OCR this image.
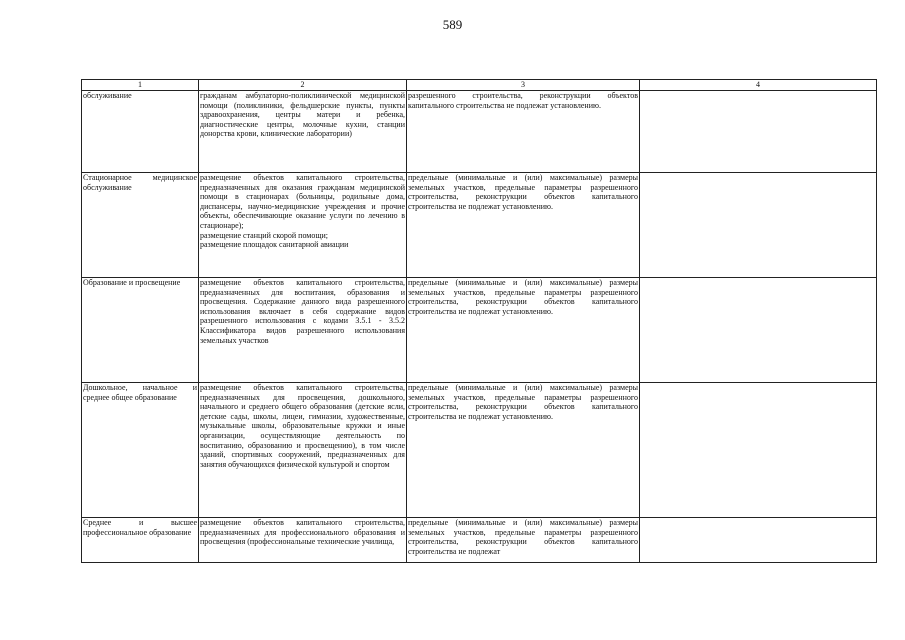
589
1	2	3	4

обслуживание	гражданам амбулаторно-поликлинической медицинской помощи (поликлиники, фельдшерские пункты, пункты здравоохранения, центры матери и ребенка, диагностические центры, молочные кухни, станции донорства крови, клинические лаборатории)	разрешенного строительства, реконструкции объектов капитального строительства не подлежат установлению.	

Стационарное медицинское обслуживание	размещение объектов капитального строительства, предназначенных для оказания гражданам медицинской помощи в стационарах (больницы, родильные дома, диспансеры, научно-медицинские учреждения и прочие объекты, обеспечивающие оказание услуги по лечению в стационаре);
размещение станций скорой помощи;
размещение площадок санитарной авиации	предельные (минимальные и (или) максимальные) размеры земельных участков, предельные параметры разрешенного строительства, реконструкции объектов капитального строительства не подлежат установлению.	

Образование и просвещение	размещение объектов капитального строительства, предназначенных для воспитания, образования и просвещения. Содержание данного вида разрешенного использования включает в себя содержание видов разрешенного использования с кодами 3.5.1 - 3.5.2 Классификатора видов разрешенного использования земельных участков	предельные (минимальные и (или) максимальные) размеры земельных участков, предельные параметры разрешенного строительства, реконструкции объектов капитального строительства не подлежат установлению.	

Дошкольное, начальное и среднее общее образование	размещение объектов капитального строительства, предназначенных для просвещения, дошкольного, начального и среднего общего образования (детские ясли, детские сады, школы, лицеи, гимназии, художественные, музыкальные школы, образовательные кружки и иные организации, осуществляющие деятельность по воспитанию, образованию и просвещению), в том числе зданий, спортивных сооружений, предназначенных для занятия обучающихся физической культурой и спортом	предельные (минимальные и (или) максимальные) размеры земельных участков, предельные параметры разрешенного строительства, реконструкции объектов капитального строительства не подлежат установлению.	

Среднее и высшее профессиональное образование	размещение объектов капитального строительства, предназначенных для профессионального образования и просвещения (профессиональные технические училища,	предельные (минимальные и (или) максимальные) размеры земельных участков, предельные параметры разрешенного строительства, реконструкции объектов капитального строительства не подлежат	
